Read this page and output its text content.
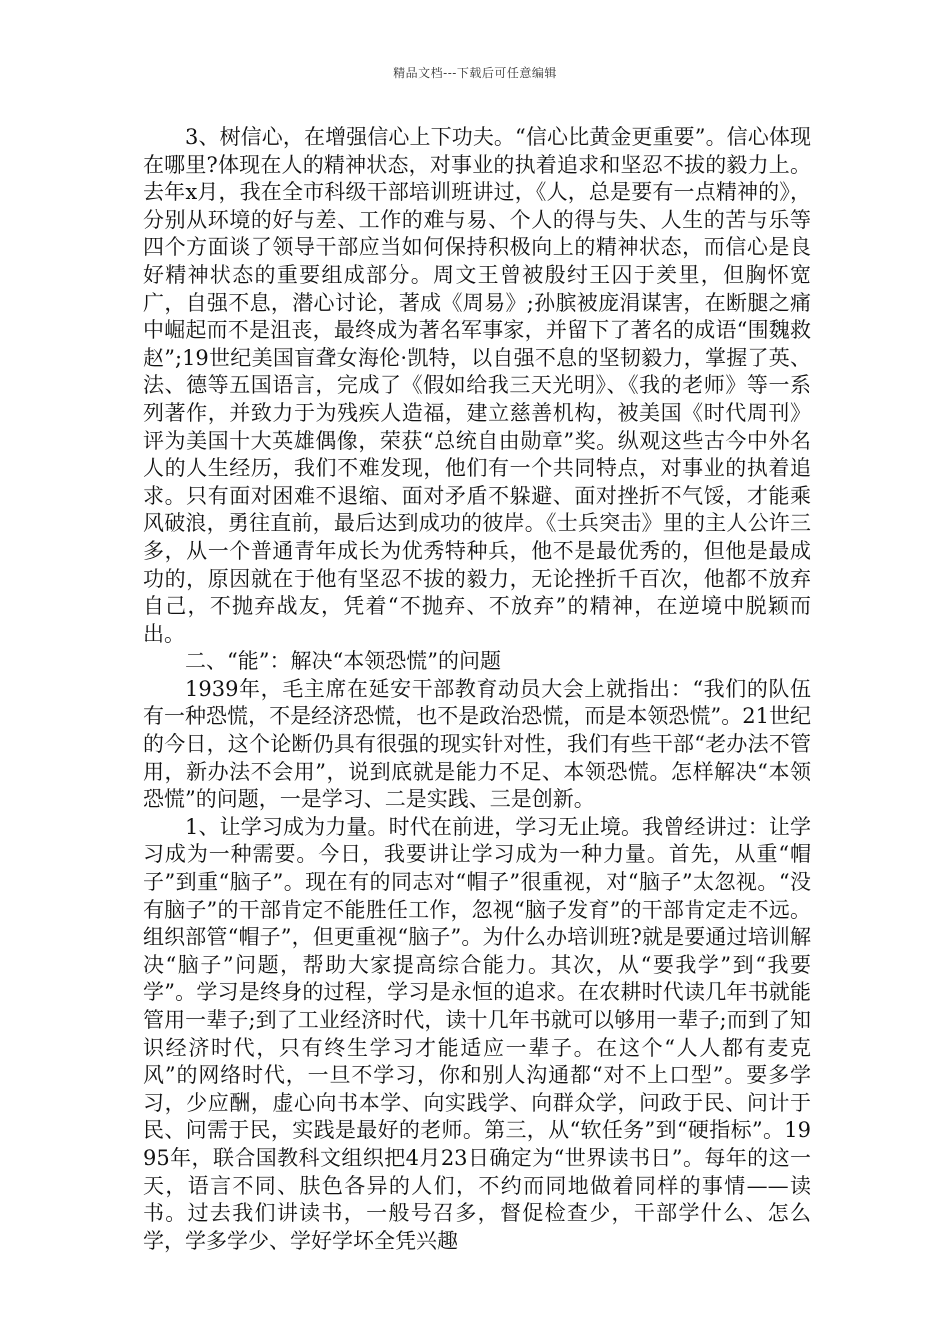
精品文档---下载后可任意编辑

3、树信心，在增强信心上下功夫。“信心比黄金更重要”。信心体现在哪里?体现在人的精神状态，对事业的执着追求和坚忍不拔的毅力上。去年x月，我在全市科级干部培训班讲过，《人，总是要有一点精神的》，分别从环境的好与差、工作的难与易、个人的得与失、人生的苦与乐等四个方面谈了领导干部应当如何保持积极向上的精神状态，而信心是良好精神状态的重要组成部分。周文王曾被殷纣王囚于羑里，但胸怀宽广，自强不息，潜心讨论，著成《周易》;孙膑被庞涓谋害，在断腿之痛中崛起而不是沮丧，最终成为著名军事家，并留下了著名的成语“围魏救赵”;19世纪美国盲聋女海伦·凯特，以自强不息的坚韧毅力，掌握了英、法、德等五国语言，完成了《假如给我三天光明》、《我的老师》等一系列著作，并致力于为残疾人造福，建立慈善机构，被美国《时代周刊》评为美国十大英雄偶像，荣获“总统自由勋章”奖。纵观这些古今中外名人的人生经历，我们不难发现，他们有一个共同特点，对事业的执着追求。只有面对困难不退缩、面对矛盾不躲避、面对挫折不气馁，才能乘风破浪，勇往直前，最后达到成功的彼岸。《士兵突击》里的主人公许三多，从一个普通青年成长为优秀特种兵，他不是最优秀的，但他是最成功的，原因就在于他有坚忍不拔的毅力，无论挫折千百次，他都不放弃自己，不抛弃战友，凭着“不抛弃、不放弃”的精神，在逆境中脱颖而出。

二、“能”：解决“本领恐慌”的问题

1939年，毛主席在延安干部教育动员大会上就指出：“我们的队伍有一种恐慌，不是经济恐慌，也不是政治恐慌，而是本领恐慌”。21世纪的今日，这个论断仍具有很强的现实针对性，我们有些干部“老办法不管用，新办法不会用”，说到底就是能力不足、本领恐慌。怎样解决“本领恐慌”的问题，一是学习、二是实践、三是创新。

1、让学习成为力量。时代在前进，学习无止境。我曾经讲过：让学习成为一种需要。今日，我要讲让学习成为一种力量。首先，从重“帽子”到重“脑子”。现在有的同志对“帽子”很重视，对“脑子”太忽视。“没有脑子”的干部肯定不能胜任工作，忽视“脑子发育”的干部肯定走不远。组织部管“帽子”，但更重视“脑子”。为什么办培训班?就是要通过培训解决“脑子”问题，帮助大家提高综合能力。其次，从“要我学”到“我要学”。学习是终身的过程，学习是永恒的追求。在农耕时代读几年书就能管用一辈子;到了工业经济时代，读十几年书就可以够用一辈子;而到了知识经济时代，只有终生学习才能适应一辈子。在这个“人人都有麦克风”的网络时代，一旦不学习，你和别人沟通都“对不上口型”。要多学习，少应酬，虚心向书本学、向实践学、向群众学，问政于民、问计于民、问需于民，实践是最好的老师。第三，从“软任务”到“硬指标”。1995年，联合国教科文组织把4月23日确定为“世界读书日”。每年的这一天，语言不同、肤色各异的人们，不约而同地做着同样的事情——读书。过去我们讲读书，一般号召多，督促检查少，干部学什么、怎么学，学多学少、学好学坏全凭兴趣
